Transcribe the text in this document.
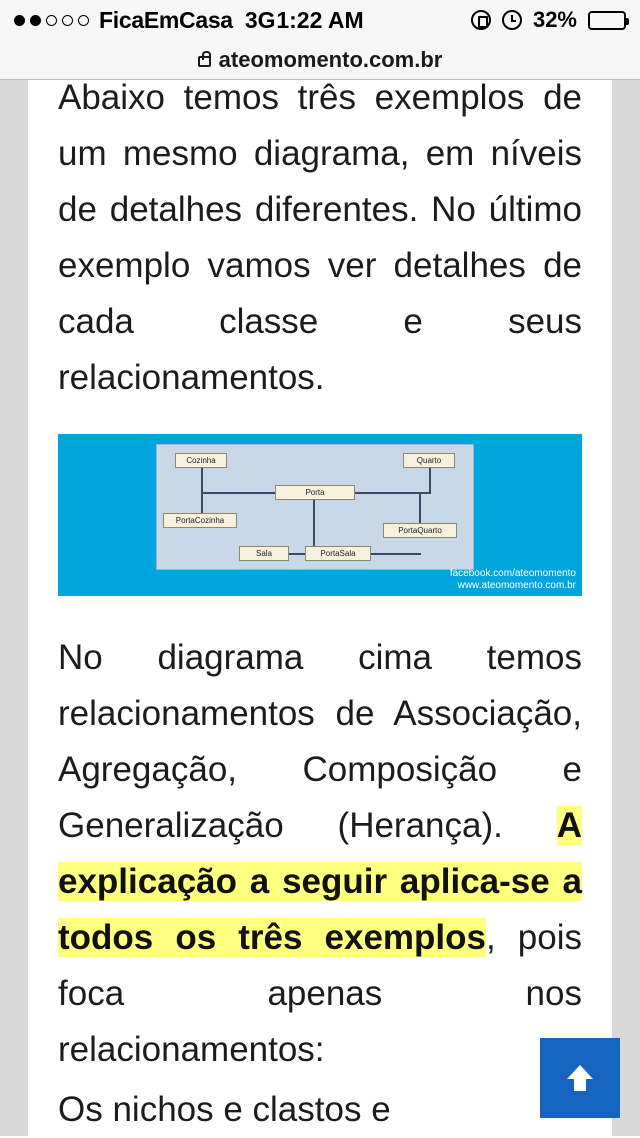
FicaEmCasa 3G 1:22 AM	32%
ateomomento.com.br

Abaixo temos três exemplos de um mesmo diagrama, em níveis de detalhes diferentes. No último exemplo vamos ver detalhes de cada classe e seus relacionamentos.

Cozinha	Quarto
Porta
PortaCozinha
PortaQuarto
Sala	PortaSala
facebook.com/ateomomento
www.ateomomento.com.br

No diagrama cima temos relacionamentos de Associação, Agregação, Composição e Generalização (Herança). A explicação a seguir aplica-se a todos os três exemplos, pois foca apenas nos relacionamentos:

Os nichos e clastos e
